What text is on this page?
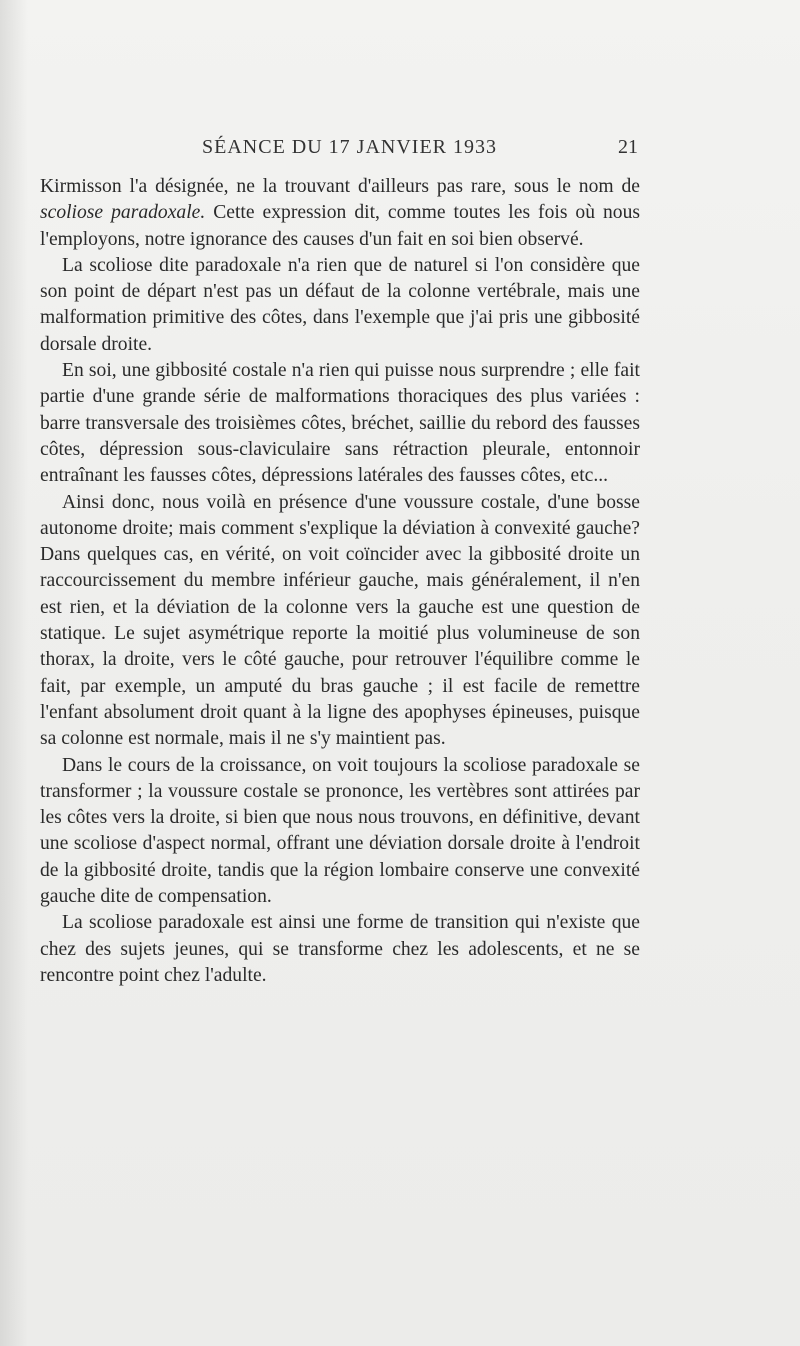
SÉANCE DU 17 JANVIER 1933	21

Kirmisson l'a désignée, ne la trouvant d'ailleurs pas rare, sous le nom de scoliose paradoxale. Cette expression dit, comme toutes les fois où nous l'employons, notre ignorance des causes d'un fait en soi bien observé.

La scoliose dite paradoxale n'a rien que de naturel si l'on considère que son point de départ n'est pas un défaut de la colonne vertébrale, mais une malformation primitive des côtes, dans l'exemple que j'ai pris une gibbosité dorsale droite.

En soi, une gibbosité costale n'a rien qui puisse nous surprendre ; elle fait partie d'une grande série de malformations thoraciques des plus variées : barre transversale des troisièmes côtes, bréchet, saillie du rebord des fausses côtes, dépression sous-claviculaire sans rétraction pleurale, entonnoir entraînant les fausses côtes, dépressions latérales des fausses côtes, etc...

Ainsi donc, nous voilà en présence d'une voussure costale, d'une bosse autonome droite; mais comment s'explique la déviation à convexité gauche? Dans quelques cas, en vérité, on voit coïncider avec la gibbosité droite un raccourcissement du membre inférieur gauche, mais généralement, il n'en est rien, et la déviation de la colonne vers la gauche est une question de statique. Le sujet asymétrique reporte la moitié plus volumineuse de son thorax, la droite, vers le côté gauche, pour retrouver l'équilibre comme le fait, par exemple, un amputé du bras gauche ; il est facile de remettre l'enfant absolument droit quant à la ligne des apophyses épineuses, puisque sa colonne est normale, mais il ne s'y maintient pas.

Dans le cours de la croissance, on voit toujours la scoliose paradoxale se transformer ; la voussure costale se prononce, les vertèbres sont attirées par les côtes vers la droite, si bien que nous nous trouvons, en définitive, devant une scoliose d'aspect normal, offrant une déviation dorsale droite à l'endroit de la gibbosité droite, tandis que la région lombaire conserve une convexité gauche dite de compensation.

La scoliose paradoxale est ainsi une forme de transition qui n'existe que chez des sujets jeunes, qui se transforme chez les adolescents, et ne se rencontre point chez l'adulte.
